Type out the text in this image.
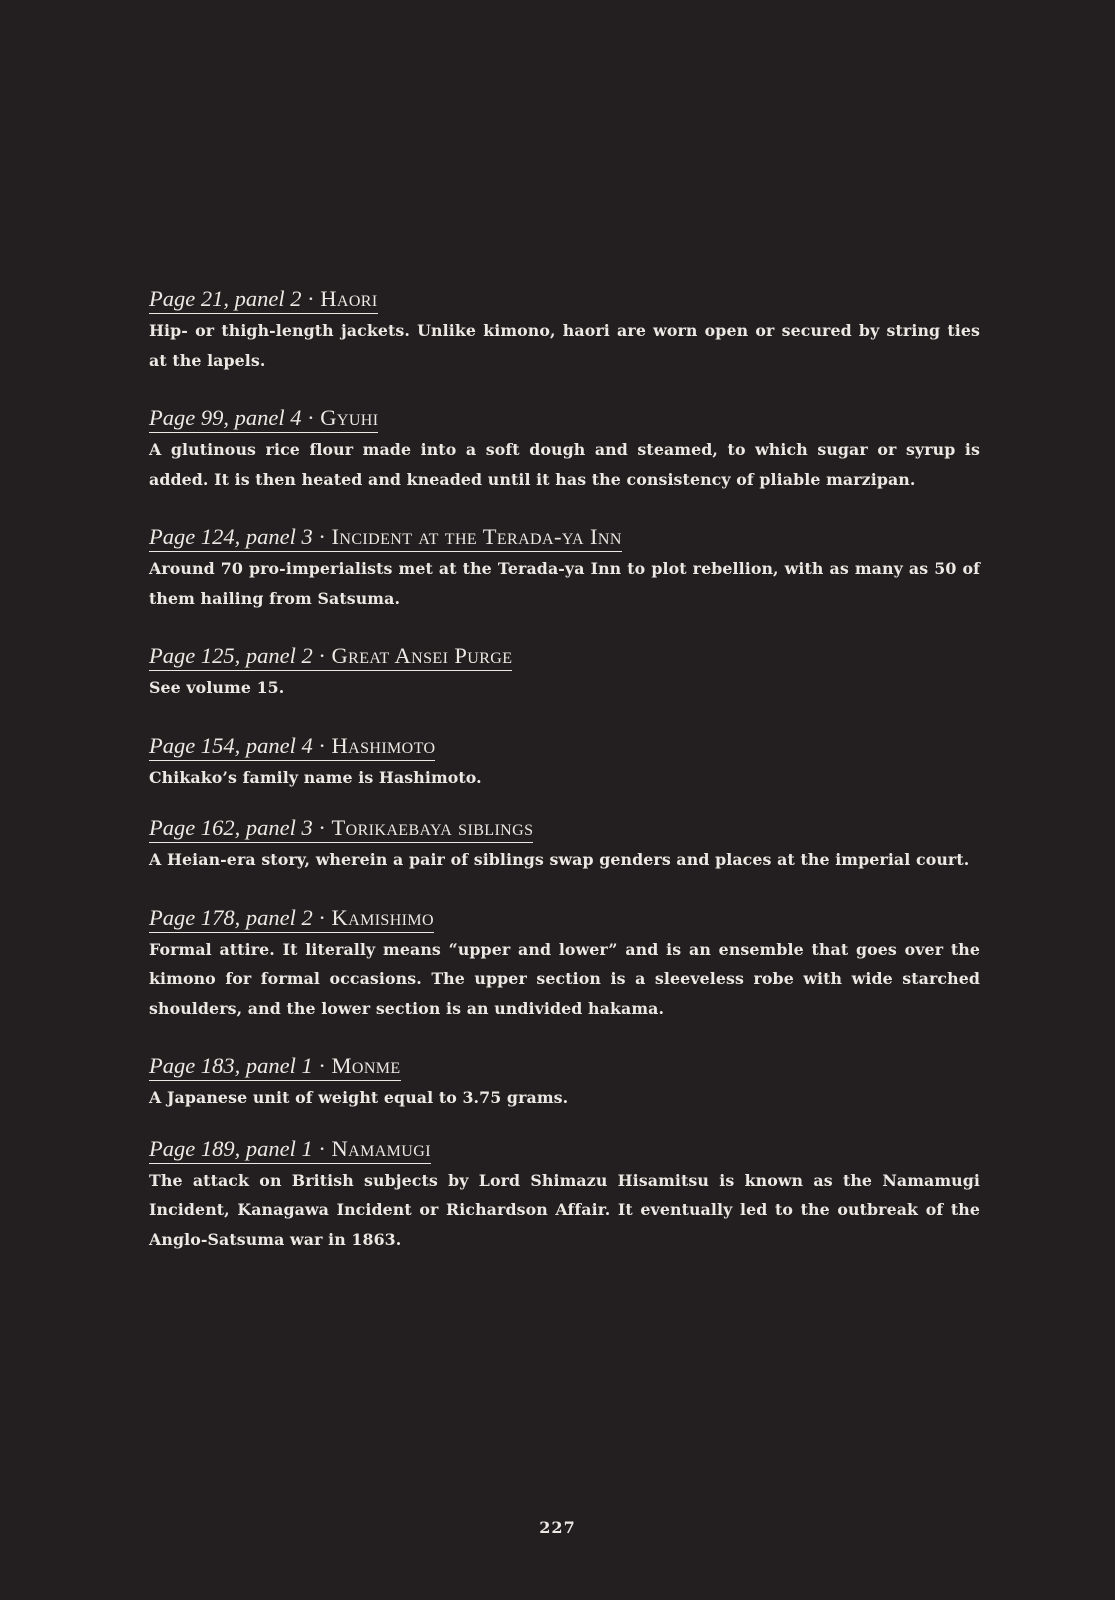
Page 21, panel 2 · Haori

Hip- or thigh-length jackets. Unlike kimono, haori are worn open or secured by string ties at the lapels.

Page 99, panel 4 · Gyuhi

A glutinous rice flour made into a soft dough and steamed, to which sugar or syrup is added. It is then heated and kneaded until it has the consistency of pliable marzipan.

Page 124, panel 3 · Incident at the Terada-ya Inn

Around 70 pro-imperialists met at the Terada-ya Inn to plot rebellion, with as many as 50 of them hailing from Satsuma.

Page 125, panel 2 · Great Ansei Purge

See volume 15.

Page 154, panel 4 · Hashimoto

Chikako’s family name is Hashimoto.

Page 162, panel 3 · Torikaebaya siblings

A Heian-era story, wherein a pair of siblings swap genders and places at the imperial court.

Page 178, panel 2 · Kamishimo

Formal attire. It literally means “upper and lower” and is an ensemble that goes over the kimono for formal occasions. The upper section is a sleeveless robe with wide starched shoulders, and the lower section is an undivided hakama.

Page 183, panel 1 · Monme

A Japanese unit of weight equal to 3.75 grams.

Page 189, panel 1 · Namamugi

The attack on British subjects by Lord Shimazu Hisamitsu is known as the Namamugi Incident, Kanagawa Incident or Richardson Affair. It eventually led to the outbreak of the Anglo-Satsuma war in 1863.

227
